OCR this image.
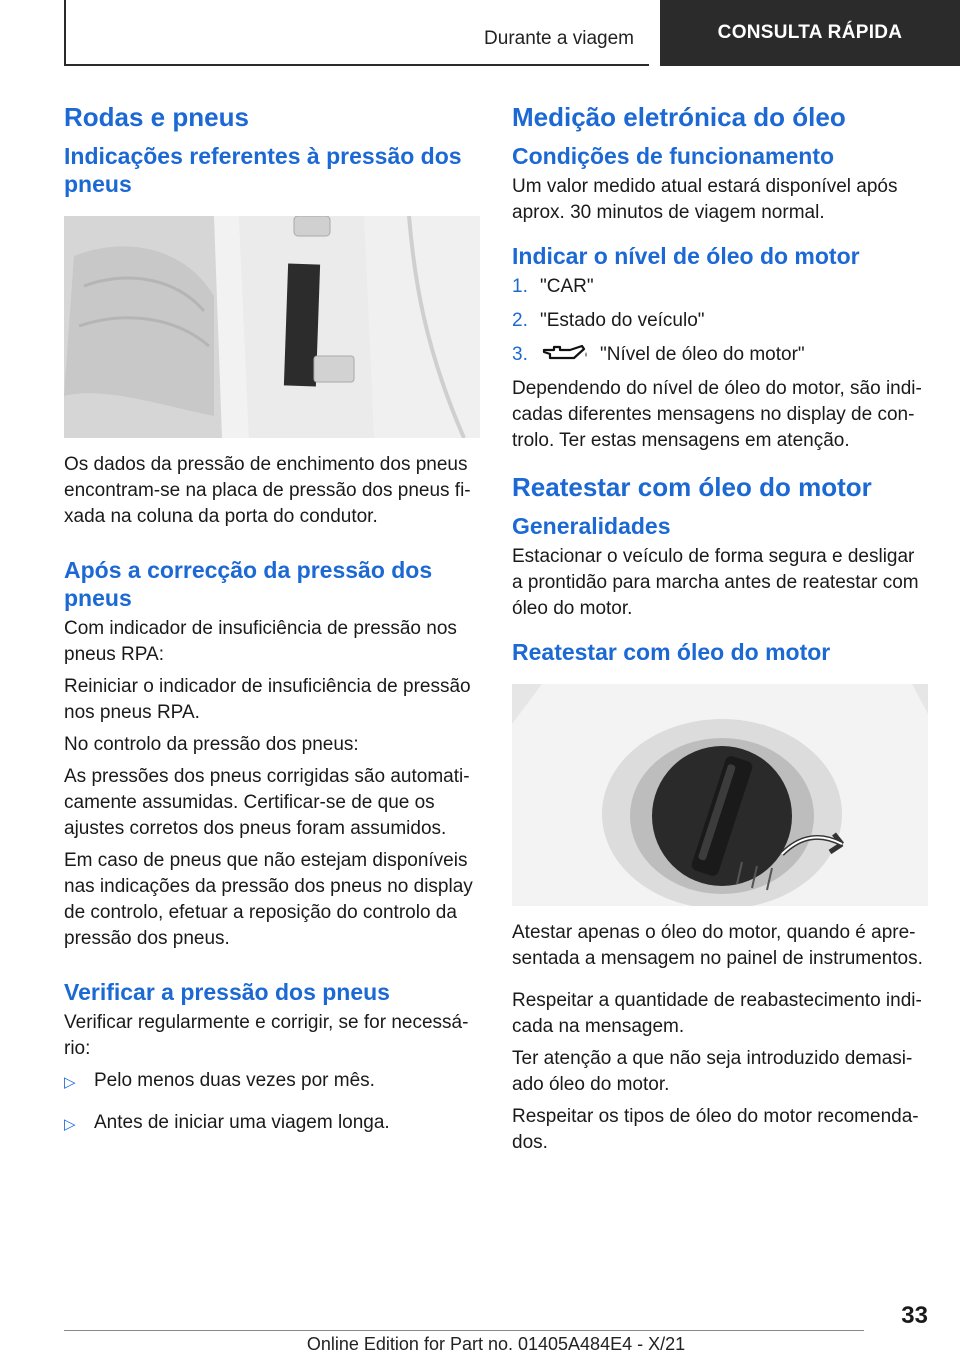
Durante a viagem	CONSULTA RÁPIDA
Rodas e pneus
Indicações referentes à pressão dos pneus

Os dados da pressão de enchimento dos pneus encontram-se na placa de pressão dos pneus fi-xada na coluna da porta do condutor.

Após a correcção da pressão dos pneus

Com indicador de insuficiência de pressão nos pneus RPA:

Reiniciar o indicador de insuficiência de pressão nos pneus RPA.

No controlo da pressão dos pneus:

As pressões dos pneus corrigidas são automati-camente assumidas. Certificar-se de que os ajustes corretos dos pneus foram assumidos.

Em caso de pneus que não estejam disponíveis nas indicações da pressão dos pneus no display de controlo, efetuar a reposição do controlo da pressão dos pneus.

Verificar a pressão dos pneus

Verificar regularmente e corrigir, se for necessá-rio:

▷ Pelo menos duas vezes por mês.
▷ Antes de iniciar uma viagem longa.
Medição eletrónica do óleo
Condições de funcionamento

Um valor medido atual estará disponível após aprox. 30 minutos de viagem normal.

Indicar o nível de óleo do motor
1. "CAR"
2. "Estado do veículo"
3.	"Nível de óleo do motor"

Dependendo do nível de óleo do motor, são indi-cadas diferentes mensagens no display de con-trolo. Ter estas mensagens em atenção.

Reatestar com óleo do motor
Generalidades

Estacionar o veículo de forma segura e desligar a prontidão para marcha antes de reatestar com óleo do motor.

Reatestar com óleo do motor

Atestar apenas o óleo do motor, quando é apre-sentada a mensagem no painel de instrumentos.

Respeitar a quantidade de reabastecimento indi-cada na mensagem.

Ter atenção a que não seja introduzido demasi-ado óleo do motor.

Respeitar os tipos de óleo do motor recomenda-dos.

33
Online Edition for Part no. 01405A484E4 - X/21
